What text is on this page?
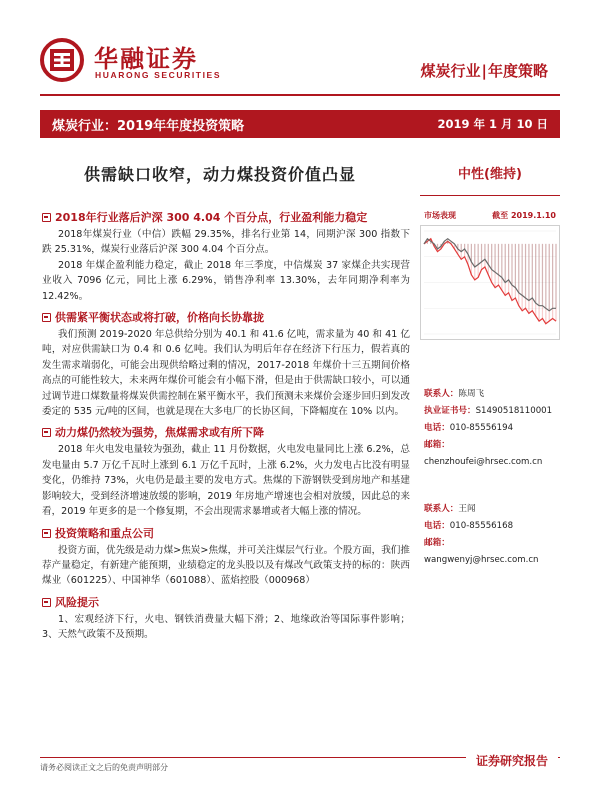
华融证券
HUARONG SECURITIES	煤炭行业|年度策略
煤炭行业：2019年年度投资策略	2019 年 1 月 10 日
供需缺口收窄，动力煤投资价值凸显	中性(维持)
2018年行业落后沪深 300 4.04 个百分点，行业盈利能力稳定

2018年煤炭行业（中信）跌幅 29.35%，排名行业第 14，同期沪深 300 指数下跌 25.31%，煤炭行业落后沪深 300 4.04 个百分点。

2018 年煤企盈利能力稳定，截止 2018 年三季度，中信煤炭 37 家煤企共实现营业收入 7096 亿元，同比上涨 6.29%，销售净利率 13.30%，去年同期净利率为 12.42%。

供需紧平衡状态或将打破，价格向长协靠拢

我们预测 2019-2020 年总供给分别为 40.1 和 41.6 亿吨，需求量为 40 和 41 亿吨，对应供需缺口为 0.4 和 0.6 亿吨。我们认为明后年存在经济下行压力，假若真的发生需求端弱化，可能会出现供给略过剩的情况，2017-2018 年煤价十三五期间价格高点的可能性较大，未来两年煤价可能会有小幅下滑，但是由于供需缺口较小，可以通过调节进口煤数量将煤炭供需控制在紧平衡水平，我们预测未来煤价会逐步回归到发改委定的 535 元/吨的区间，也就是现在大多电厂的长协区间，下降幅度在 10% 以内。

动力煤仍然较为强势，焦煤需求或有所下降

2018 年火电发电量较为强劲，截止 11 月份数据，火电发电量同比上涨 6.2%，总发电量由 5.7 万亿千瓦时上涨到 6.1 万亿千瓦时，上涨 6.2%，火力发电占比没有明显变化，仍维持 73%，火电仍是最主要的发电方式。焦煤的下游钢铁受到房地产和基建影响较大，受到经济增速放缓的影响，2019 年房地产增速也会相对放缓，因此总的来看，2019 年更多的是一个修复期，不会出现需求暴增或者大幅上涨的情况。

投资策略和重点公司

投资方面，优先级是动力煤>焦炭>焦煤，并可关注煤层气行业。个股方面，我们推荐产量稳定，有新建产能预期，业绩稳定的龙头股以及有煤改气政策支持的标的：陕西煤业（601225）、中国神华（601088）、蓝焰控股（000968）

风险提示

1、宏观经济下行，火电、钢铁消费量大幅下滑；2、地缘政治等国际事件影响；3、天然气政策不及预期。

市场表现	截至 2019.1.10
联系人：陈周飞
执业证书号：S1490518110001
电话：010-85556194
邮箱：
chenzhoufei@hrsec.com.cn
联系人：王闻
电话：010-85556168
邮箱：
wangwenyj@hrsec.com.cn
请务必阅读正文之后的免责声明部分	证券研究报告
